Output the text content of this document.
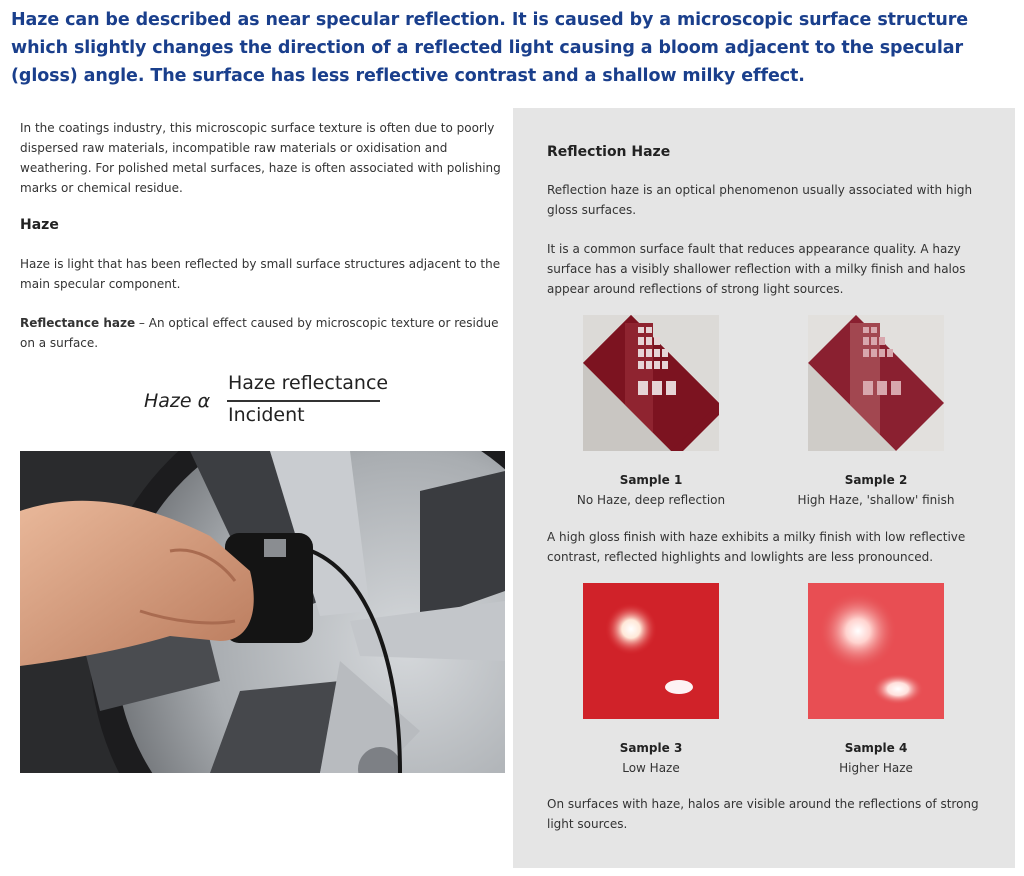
Haze can be described as near specular reflection. It is caused by a microscopic surface structure which slightly changes the direction of a reflected light causing a bloom adjacent to the specular (gloss) angle. The surface has less reflective contrast and a shallow milky effect.

In the coatings industry, this microscopic surface texture is often due to poorly dispersed raw materials, incompatible raw materials or oxidisation and weathering. For polished metal surfaces, haze is often associated with polishing marks or chemical residue.

Haze

Haze is light that has been reflected by small surface structures adjacent to the main specular component.

Reflectance haze – An optical effect caused by microscopic texture or residue on a surface.

Haze α
Haze reflectance
Incident
Reflection Haze

Reflection haze is an optical phenomenon usually associated with high gloss surfaces.

It is a common surface fault that reduces appearance quality. A hazy surface has a visibly shallower reflection with a milky finish and halos appear around reflections of strong light sources.

Sample 1
No Haze, deep reflection
Sample 2
High Haze, 'shallow' finish

A high gloss finish with haze exhibits a milky finish with low reflective contrast, reflected highlights and lowlights are less pronounced.

Sample 3
Low Haze
Sample 4
Higher Haze

On surfaces with haze, halos are visible around the reflections of strong light sources.
